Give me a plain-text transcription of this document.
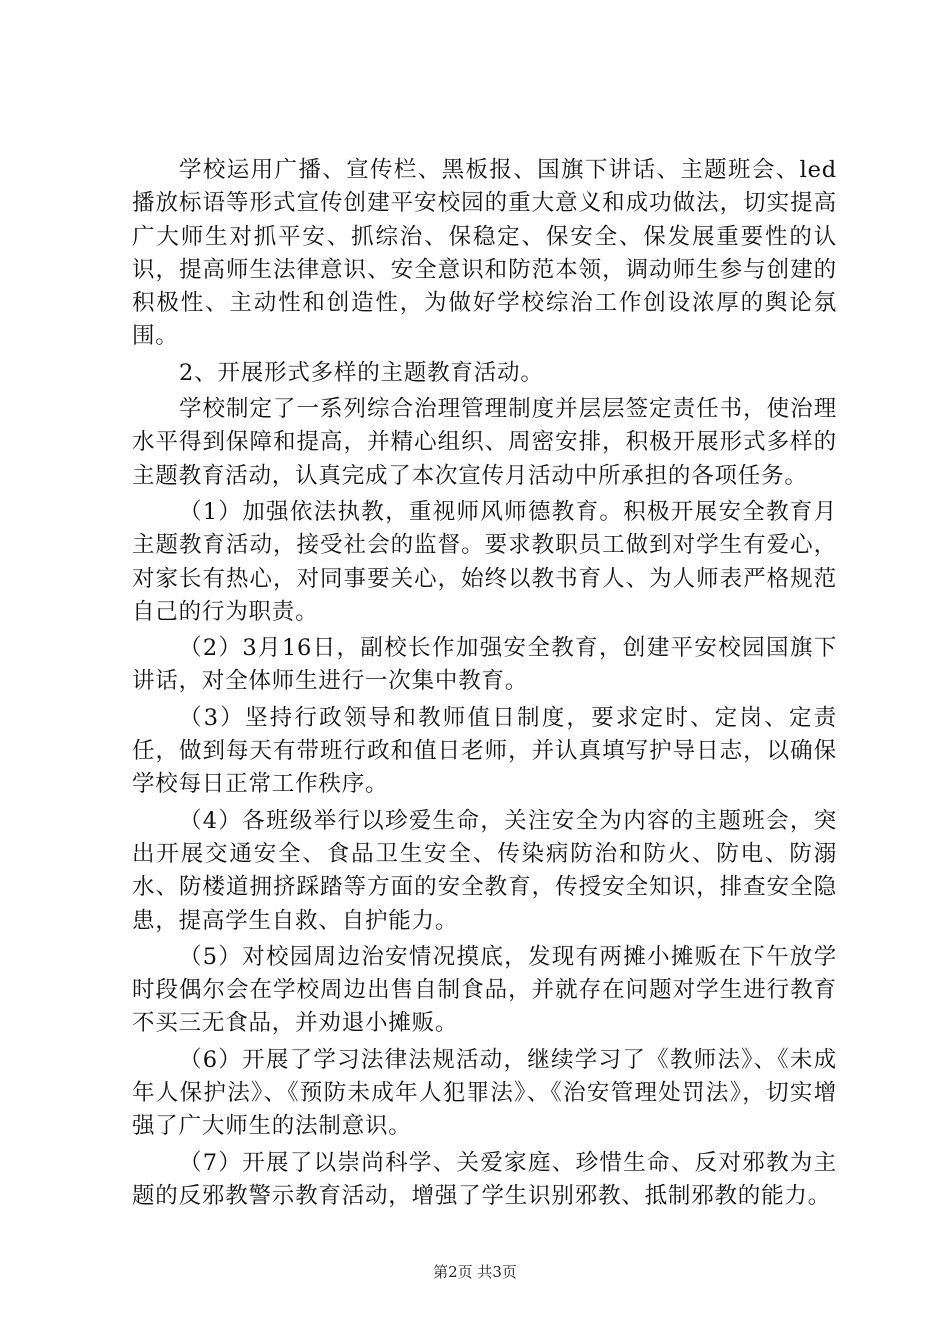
学校运用广播、宣传栏、黑板报、国旗下讲话、主题班会、led播放标语等形式宣传创建平安校园的重大意义和成功做法，切实提高广大师生对抓平安、抓综治、保稳定、保安全、保发展重要性的认识，提高师生法律意识、安全意识和防范本领，调动师生参与创建的积极性、主动性和创造性，为做好学校综治工作创设浓厚的舆论氛围。

2、开展形式多样的主题教育活动。

学校制定了一系列综合治理管理制度并层层签定责任书，使治理水平得到保障和提高，并精心组织、周密安排，积极开展形式多样的主题教育活动，认真完成了本次宣传月活动中所承担的各项任务。

（1）加强依法执教，重视师风师德教育。积极开展安全教育月主题教育活动，接受社会的监督。要求教职员工做到对学生有爱心，对家长有热心，对同事要关心，始终以教书育人、为人师表严格规范自己的行为职责。

（2）3月16日，副校长作加强安全教育，创建平安校园国旗下讲话，对全体师生进行一次集中教育。

（3）坚持行政领导和教师值日制度，要求定时、定岗、定责任，做到每天有带班行政和值日老师，并认真填写护导日志，以确保学校每日正常工作秩序。

（4）各班级举行以珍爱生命，关注安全为内容的主题班会，突出开展交通安全、食品卫生安全、传染病防治和防火、防电、防溺水、防楼道拥挤踩踏等方面的安全教育，传授安全知识，排查安全隐患，提高学生自救、自护能力。

（5）对校园周边治安情况摸底，发现有两摊小摊贩在下午放学时段偶尔会在学校周边出售自制食品，并就存在问题对学生进行教育不买三无食品，并劝退小摊贩。

（6）开展了学习法律法规活动，继续学习了《教师法》、《未成年人保护法》、《预防未成年人犯罪法》、《治安管理处罚法》，切实增强了广大师生的法制意识。

（7）开展了以崇尚科学、关爱家庭、珍惜生命、反对邪教为主题的反邪教警示教育活动，增强了学生识别邪教、抵制邪教的能力。

第2页 共3页
